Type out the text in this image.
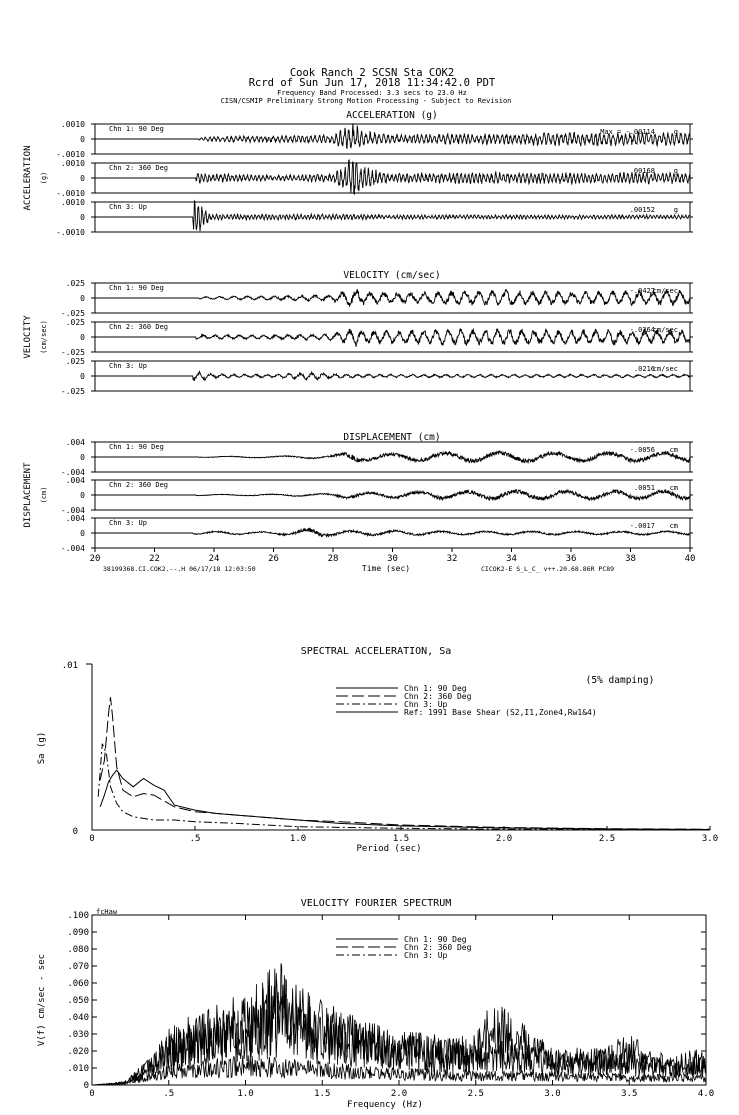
Cook Ranch 2 SCSN Sta COK2
Rcrd of Sun Jun 17, 2018 11:34:42.0 PDT
Frequency Band Processed: 3.3 secs to 23.0 Hz
CISN/CSMIP Preliminary Strong Motion Processing - Subject to Revision
ACCELERATION (g)
ACCELERATION (g)
.0010
0
-.0010
Chn 1: 90 Deg	Max = -.00114	g
.0010
0
-.0010
Chn 2: 360 Deg	.00168	g
.0010
0
-.0010
Chn 3: Up	.00152	g
VELOCITY (cm/sec)
VELOCITY (cm/sec)
.025
0
-.025
Chn 1: 90 Deg	-.0427
cm/sec
.025
0
-.025
Chn 2: 360 Deg	-.0364
cm/sec
.025
0
-.025
Chn 3: Up	.0216
cm/sec
DISPLACEMENT (cm)
DISPLACEMENT (cm)
.004
0
-.004
Chn 1: 90 Deg	-.0056 cm
.004
0
-.004
Chn 2: 360 Deg	.0051 cm
.004
0
-.004
Chn 3: Up	-.0017 cm
20	22	24	26	28	30	32	34	36	38	40
Time (sec)
38199368.CI.COK2.--.H 06/17/18 12:03:50	CICOK2-E S_L_C_ v++.20.68.86R PC89
SPECTRAL ACCELERATION, Sa
.01
0
Sa (g)
0	.5	1.0	1.5	2.0	2.5	3.0
Period (sec)
(5% damping)
Chn 1: 90 Deg
Chn 2: 360 Deg
Chn 3: Up
Ref: 1991 Base Shear (S2,I1,Zone4,Rw1&4)
VELOCITY FOURIER SPECTRUM
fcHaw
.100
.090
.080
.070
.060
.050
.040
.030
.020
.010
0
V(f) cm/sec - sec
0	.5	1.0	1.5	2.0	2.5	3.0	3.5	4.0
Frequency (Hz)
Chn 1: 90 Deg
Chn 2: 360 Deg
Chn 3: Up
